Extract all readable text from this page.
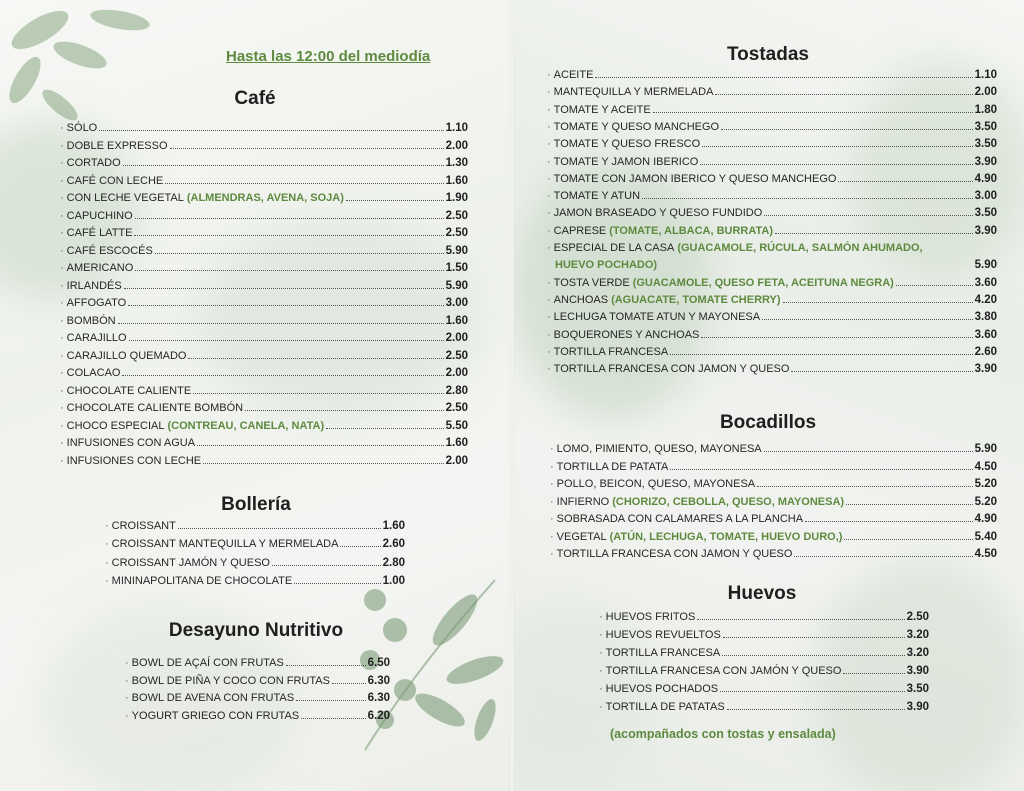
Hasta las 12:00 del mediodía
Café
· SÓLO	1.10
· DOBLE EXPRESSO	2.00
· CORTADO	1.30
· CAFÉ CON LECHE	1.60
· CON LECHE VEGETAL (ALMENDRAS, AVENA, SOJA)	1.90
· CAPUCHINO	2.50
· CAFÉ LATTE	2.50
· CAFÉ ESCOCÉS	5.90
· AMERICANO	1.50
· IRLANDÉS	5.90
· AFFOGATO	3.00
· BOMBÓN	1.60
· CARAJILLO	2.00
· CARAJILLO QUEMADO	2.50
· COLACAO	2.00
· CHOCOLATE CALIENTE	2.80
· CHOCOLATE CALIENTE BOMBÓN	2.50
· CHOCO ESPECIAL (CONTREAU, CANELA, NATA)	5.50
· INFUSIONES CON AGUA	1.60
· INFUSIONES CON LECHE	2.00
Bollería
· CROISSANT	1.60
· CROISSANT MANTEQUILLA Y MERMELADA	2.60
· CROISSANT JAMÓN Y QUESO	2.80
· MININAPOLITANA DE CHOCOLATE	1.00
Desayuno Nutritivo
· BOWL DE AÇAÍ CON FRUTAS	6.50
· BOWL DE PIÑA Y COCO CON FRUTAS	6.30
· BOWL DE AVENA CON FRUTAS	6.30
· YOGURT GRIEGO CON FRUTAS	6.20
Tostadas
· ACEITE	1.10
· MANTEQUILLA Y MERMELADA	2.00
· TOMATE Y ACEITE	1.80
· TOMATE Y QUESO MANCHEGO	3.50
· TOMATE Y QUESO FRESCO	3.50
· TOMATE Y JAMON IBERICO	3.90
· TOMATE CON JAMON IBERICO Y QUESO MANCHEGO	4.90
· TOMATE Y ATUN	3.00
· JAMON BRASEADO Y QUESO FUNDIDO	3.50
· CAPRESE (TOMATE, ALBACA, BURRATA)	3.90
· ESPECIAL DE LA CASA (GUACAMOLE, RÚCULA, SALMÓN AHUMADO,
HUEVO POCHADO)	5.90
· TOSTA VERDE (GUACAMOLE, QUESO FETA, ACEITUNA NEGRA)	3.60
· ANCHOAS (AGUACATE, TOMATE CHERRY)	4.20
· LECHUGA TOMATE ATUN Y MAYONESA	3.80
· BOQUERONES Y ANCHOAS	3.60
· TORTILLA FRANCESA	2.60
· TORTILLA FRANCESA CON JAMON Y QUESO	3.90
Bocadillos
· LOMO, PIMIENTO, QUESO, MAYONESA	5.90
· TORTILLA DE PATATA	4.50
· POLLO, BEICON, QUESO, MAYONESA	5.20
· INFIERNO (CHORIZO, CEBOLLA, QUESO, MAYONESA)	5.20
· SOBRASADA CON CALAMARES A LA PLANCHA	4.90
· VEGETAL (ATÚN, LECHUGA, TOMATE, HUEVO DURO,)	5.40
· TORTILLA FRANCESA CON JAMON Y QUESO	4.50
Huevos
· HUEVOS FRITOS	2.50
· HUEVOS REVUELTOS	3.20
· TORTILLA FRANCESA	3.20
· TORTILLA FRANCESA CON JAMÓN Y QUESO	3.90
· HUEVOS POCHADOS	3.50
· TORTILLA DE PATATAS	3.90
(acompañados con tostas y ensalada)
